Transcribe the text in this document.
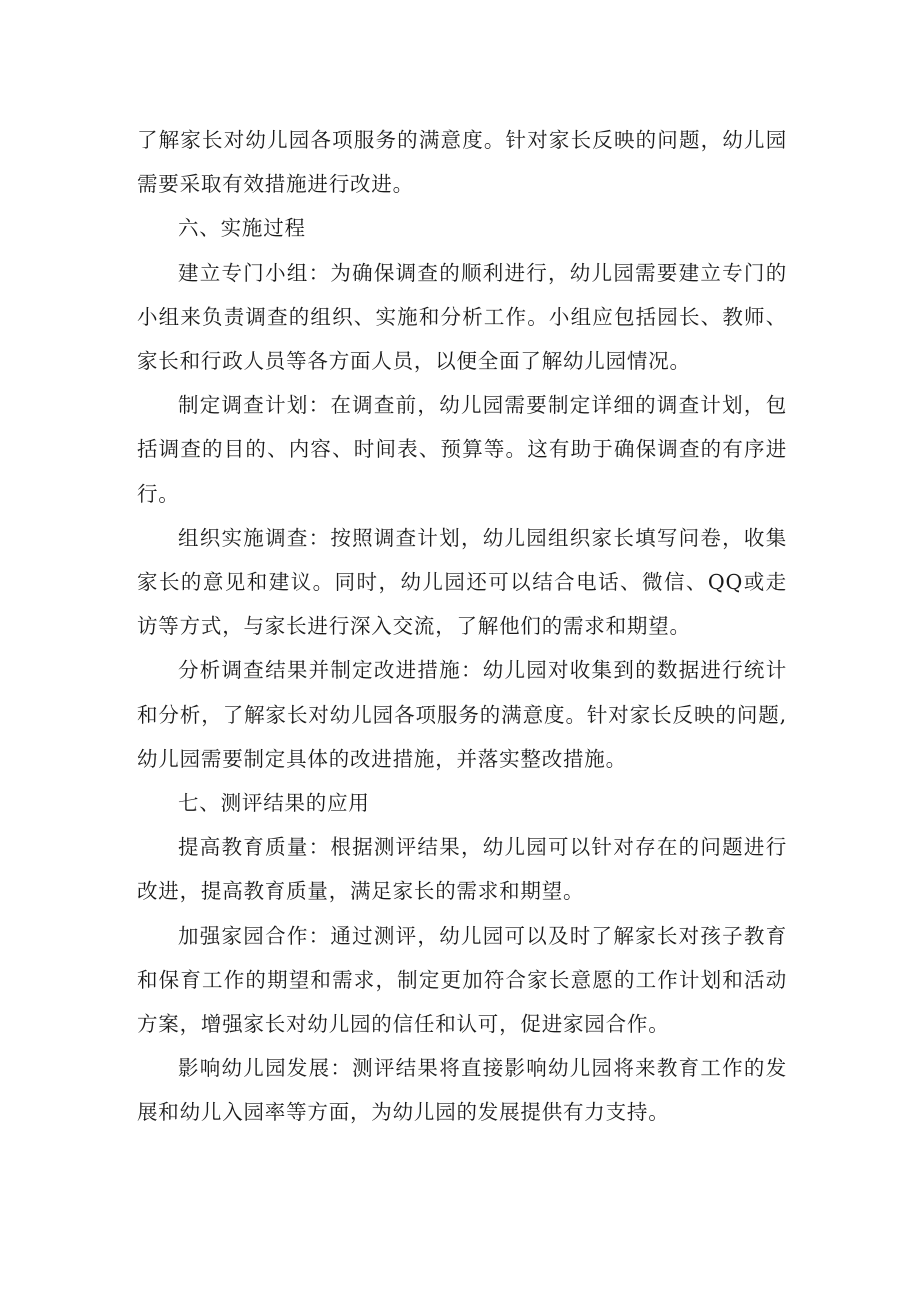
了解家长对幼儿园各项服务的满意度。针对家长反映的问题，幼儿园需要采取有效措施进行改进。

六、实施过程

建立专门小组：为确保调查的顺利进行，幼儿园需要建立专门的小组来负责调查的组织、实施和分析工作。小组应包括园长、教师、家长和行政人员等各方面人员，以便全面了解幼儿园情况。

制定调查计划：在调查前，幼儿园需要制定详细的调查计划，包括调查的目的、内容、时间表、预算等。这有助于确保调查的有序进行。

组织实施调查：按照调查计划，幼儿园组织家长填写问卷，收集家长的意见和建议。同时，幼儿园还可以结合电话、微信、QQ或走访等方式，与家长进行深入交流，了解他们的需求和期望。

分析调查结果并制定改进措施：幼儿园对收集到的数据进行统计和分析，了解家长对幼儿园各项服务的满意度。针对家长反映的问题,幼儿园需要制定具体的改进措施，并落实整改措施。

七、测评结果的应用

提高教育质量：根据测评结果，幼儿园可以针对存在的问题进行改进，提高教育质量，满足家长的需求和期望。

加强家园合作：通过测评，幼儿园可以及时了解家长对孩子教育和保育工作的期望和需求，制定更加符合家长意愿的工作计划和活动方案，增强家长对幼儿园的信任和认可，促进家园合作。

影响幼儿园发展：测评结果将直接影响幼儿园将来教育工作的发展和幼儿入园率等方面，为幼儿园的发展提供有力支持。
